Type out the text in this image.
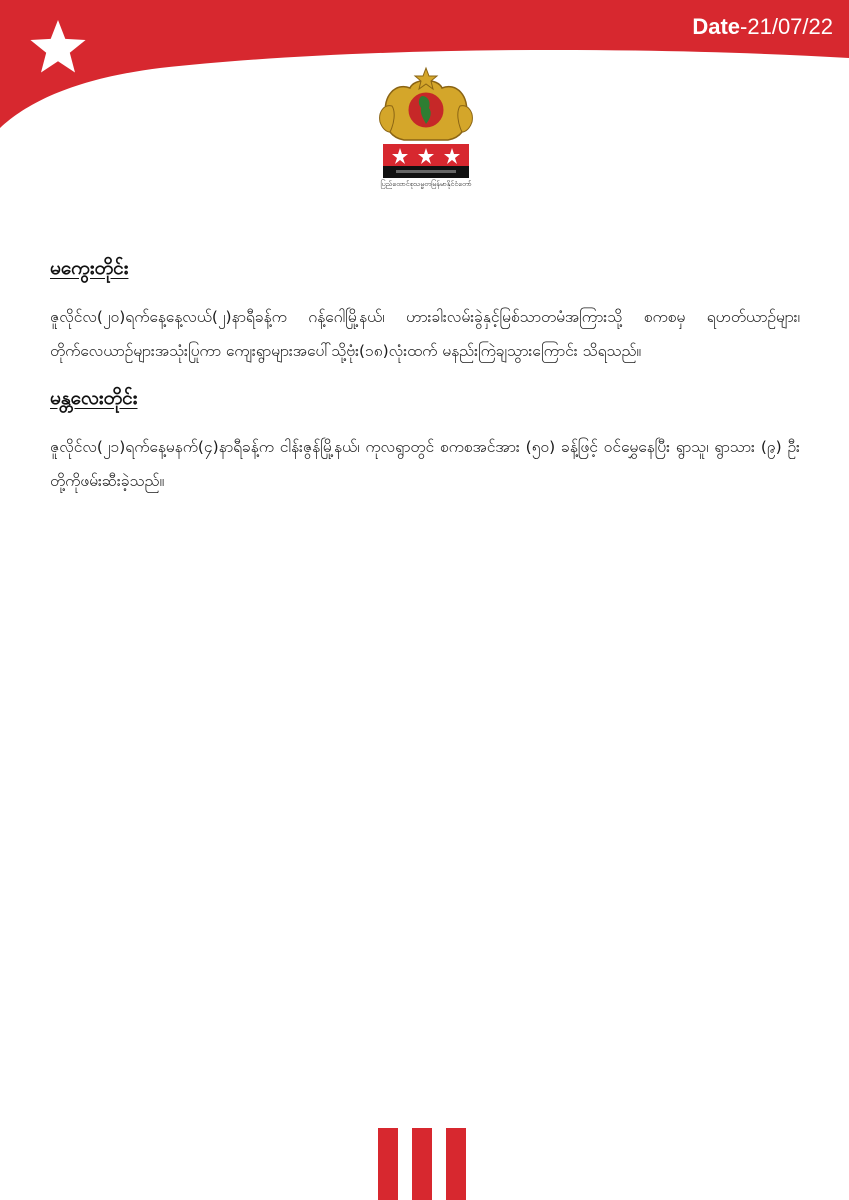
Date-21/07/22
ပြည်ထောင်စုသမ္မတမြန်မာနိုင်ငံတော်
မကွေးတိုင်း

ဇူလိုင်လ(၂၀)ရက်နေ့နေ့လယ်(၂)နာရီခန့်က ဂန့်ဂေါမြို့နယ်၊ ဟားခါးလမ်းခွဲနှင့်မြစ်သာတမံအကြားသို့ စကစမှ ရဟတ်ယာဉ်များ၊ တိုက်လေယာဉ်များအသုံးပြုကာ ကျေးရွာများအပေါ်သို့ဗုံး(၁၈)လုံးထက် မနည်းကြဲချသွားကြောင်း သိရသည်။

မန္တလေးတိုင်း

ဇူလိုင်လ(၂၁)ရက်နေ့မနက်(၄)နာရီခန့်က ငါန်းဇွန်မြို့နယ်၊ ကုလရွာတွင် စကစအင်အား (၅၀) ခန့်ဖြင့် ဝင်မွှေနေပြီး ရွာသူ၊ ရွာသား (၉) ဦးတို့ကိုဖမ်းဆီးခဲ့သည်။
